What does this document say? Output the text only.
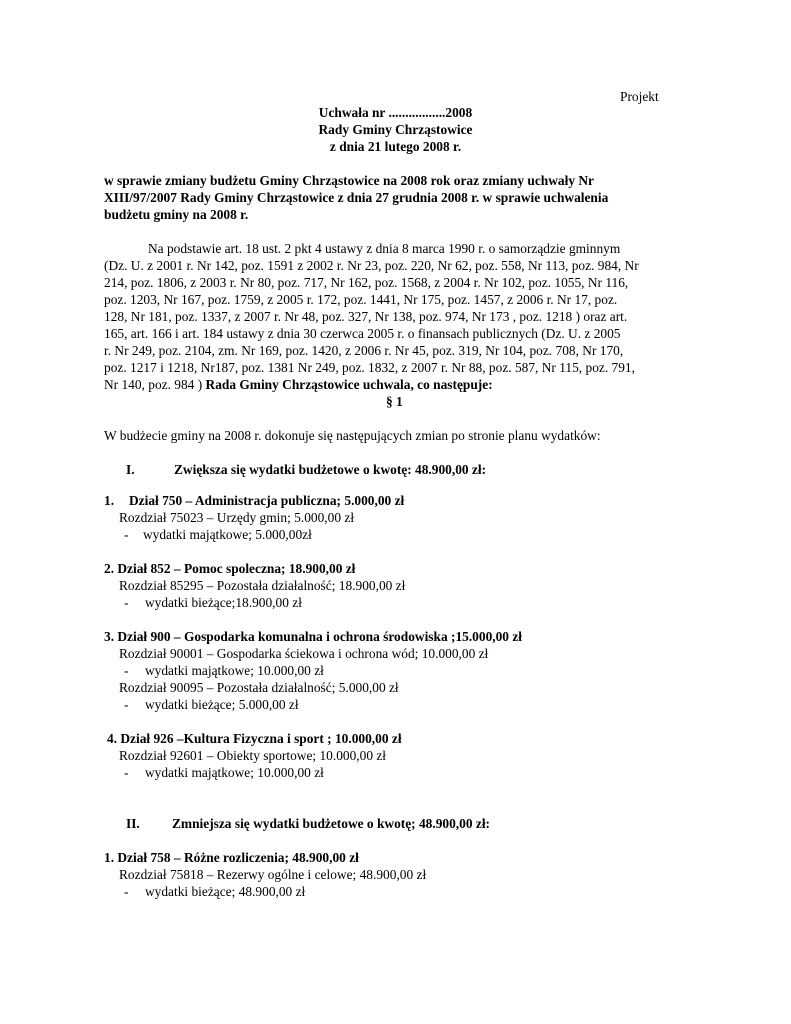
Projekt
Uchwała nr .................2008
Rady Gminy Chrząstowice
z dnia 21 lutego 2008 r.
w sprawie zmiany budżetu Gminy Chrząstowice na 2008 rok oraz zmiany uchwały Nr
XIII/97/2007 Rady Gminy Chrząstowice z dnia 27 grudnia 2008 r. w sprawie uchwalenia
budżetu gminy na 2008 r.
Na podstawie art. 18 ust. 2 pkt 4 ustawy z dnia 8 marca 1990 r. o samorządzie gminnym
(Dz. U. z 2001 r. Nr 142, poz. 1591 z 2002 r. Nr 23, poz. 220, Nr 62, poz. 558, Nr 113, poz. 984, Nr
214, poz. 1806, z 2003 r. Nr 80, poz. 717, Nr 162, poz. 1568, z 2004 r. Nr 102, poz. 1055, Nr 116,
poz. 1203, Nr 167, poz. 1759, z 2005 r. 172, poz. 1441, Nr 175, poz. 1457, z 2006 r. Nr 17, poz.
128, Nr 181, poz. 1337, z 2007 r. Nr 48, poz. 327, Nr 138, poz. 974, Nr 173 , poz. 1218 ) oraz art.
165, art. 166 i art. 184 ustawy z dnia 30 czerwca 2005 r. o finansach publicznych (Dz. U. z 2005
r. Nr 249, poz. 2104, zm. Nr 169, poz. 1420, z 2006 r. Nr 45, poz. 319, Nr 104, poz. 708, Nr 170,
poz. 1217 i 1218, Nr187, poz. 1381 Nr 249, poz. 1832, z 2007 r. Nr 88, poz. 587, Nr 115, poz. 791,
Nr 140, poz. 984 ) Rada Gminy Chrząstowice uchwala, co następuje:
§ 1
W budżecie gminy na 2008 r. dokonuje się następujących zmian po stronie planu wydatków:
I.	Zwiększa się wydatki budżetowe o kwotę: 48.900,00 zł:
1. Dział 750 – Administracja publiczna; 5.000,00 zł
Rozdział 75023 – Urzędy gmin; 5.000,00 zł
- wydatki majątkowe; 5.000,00zł
2. Dział 852 – Pomoc spoleczna; 18.900,00 zł
Rozdział 85295 – Pozostała działalność; 18.900,00 zł
- wydatki bieżące;18.900,00 zł
3. Dział 900 – Gospodarka komunalna i ochrona środowiska ;15.000,00 zł
Rozdział 90001 – Gospodarka ściekowa i ochrona wód; 10.000,00 zł
- wydatki majątkowe; 10.000,00 zł
Rozdział 90095 – Pozostała działalność; 5.000,00 zł
- wydatki bieżące; 5.000,00 zł
4. Dział 926 –Kultura Fizyczna i sport ; 10.000,00 zł
Rozdział 92601 – Obiekty sportowe; 10.000,00 zł
- wydatki majątkowe; 10.000,00 zł
II. Zmniejsza się wydatki budżetowe o kwotę; 48.900,00 zł:
1. Dział 758 – Różne rozliczenia; 48.900,00 zł
Rozdział 75818 – Rezerwy ogólne i celowe; 48.900,00 zł
- wydatki bieżące; 48.900,00 zł
